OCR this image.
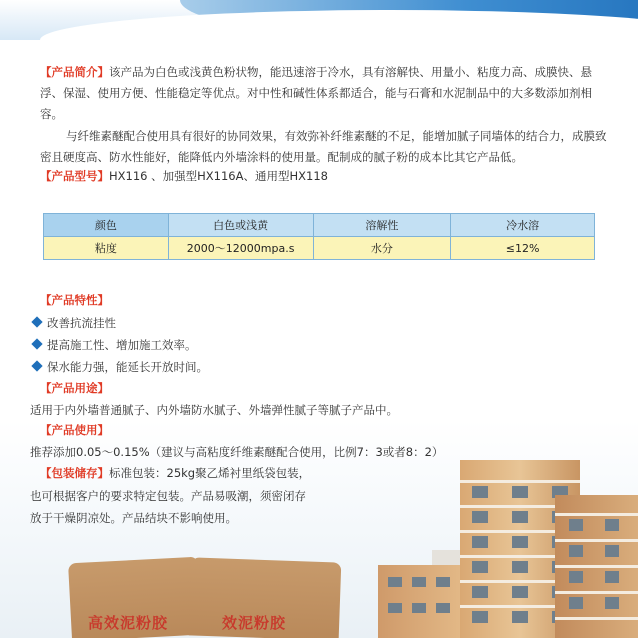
高效泥粉胶	效泥粉胶
【产品简介】该产品为白色或浅黄色粉状物，能迅速溶于冷水，具有溶解快、用量小、粘度力高、成膜快、悬浮、保湿、使用方便、性能稳定等优点。对中性和碱性体系都适合，能与石膏和水泥制品中的大多数添加剂相容。
与纤维素醚配合使用具有很好的协同效果，有效弥补纤维素醚的不足，能增加腻子同墙体的结合力，成膜致密且硬度高、防水性能好，能降低内外墙涂料的使用量。配制成的腻子粉的成本比其它产品低。
【产品型号】HX116 、加强型HX116A、通用型HX118
颜色	白色或浅黄	溶解性	冷水溶
粘度	2000～12000mpa.s	水分	≤12%
【产品特性】
改善抗流挂性
提高施工性、增加施工效率。
保水能力强，能延长开放时间。
【产品用途】
适用于内外墙普通腻子、内外墙防水腻子、外墙弹性腻子等腻子产品中。
【产品使用】
推荐添加0.05～0.15%（建议与高粘度纤维素醚配合使用，比例7：3或者8：2）
【包装储存】标准包装：25kg聚乙烯衬里纸袋包装，
也可根据客户的要求特定包装。产品易吸潮，须密闭存
放于干燥阴凉处。产品结块不影响使用。
